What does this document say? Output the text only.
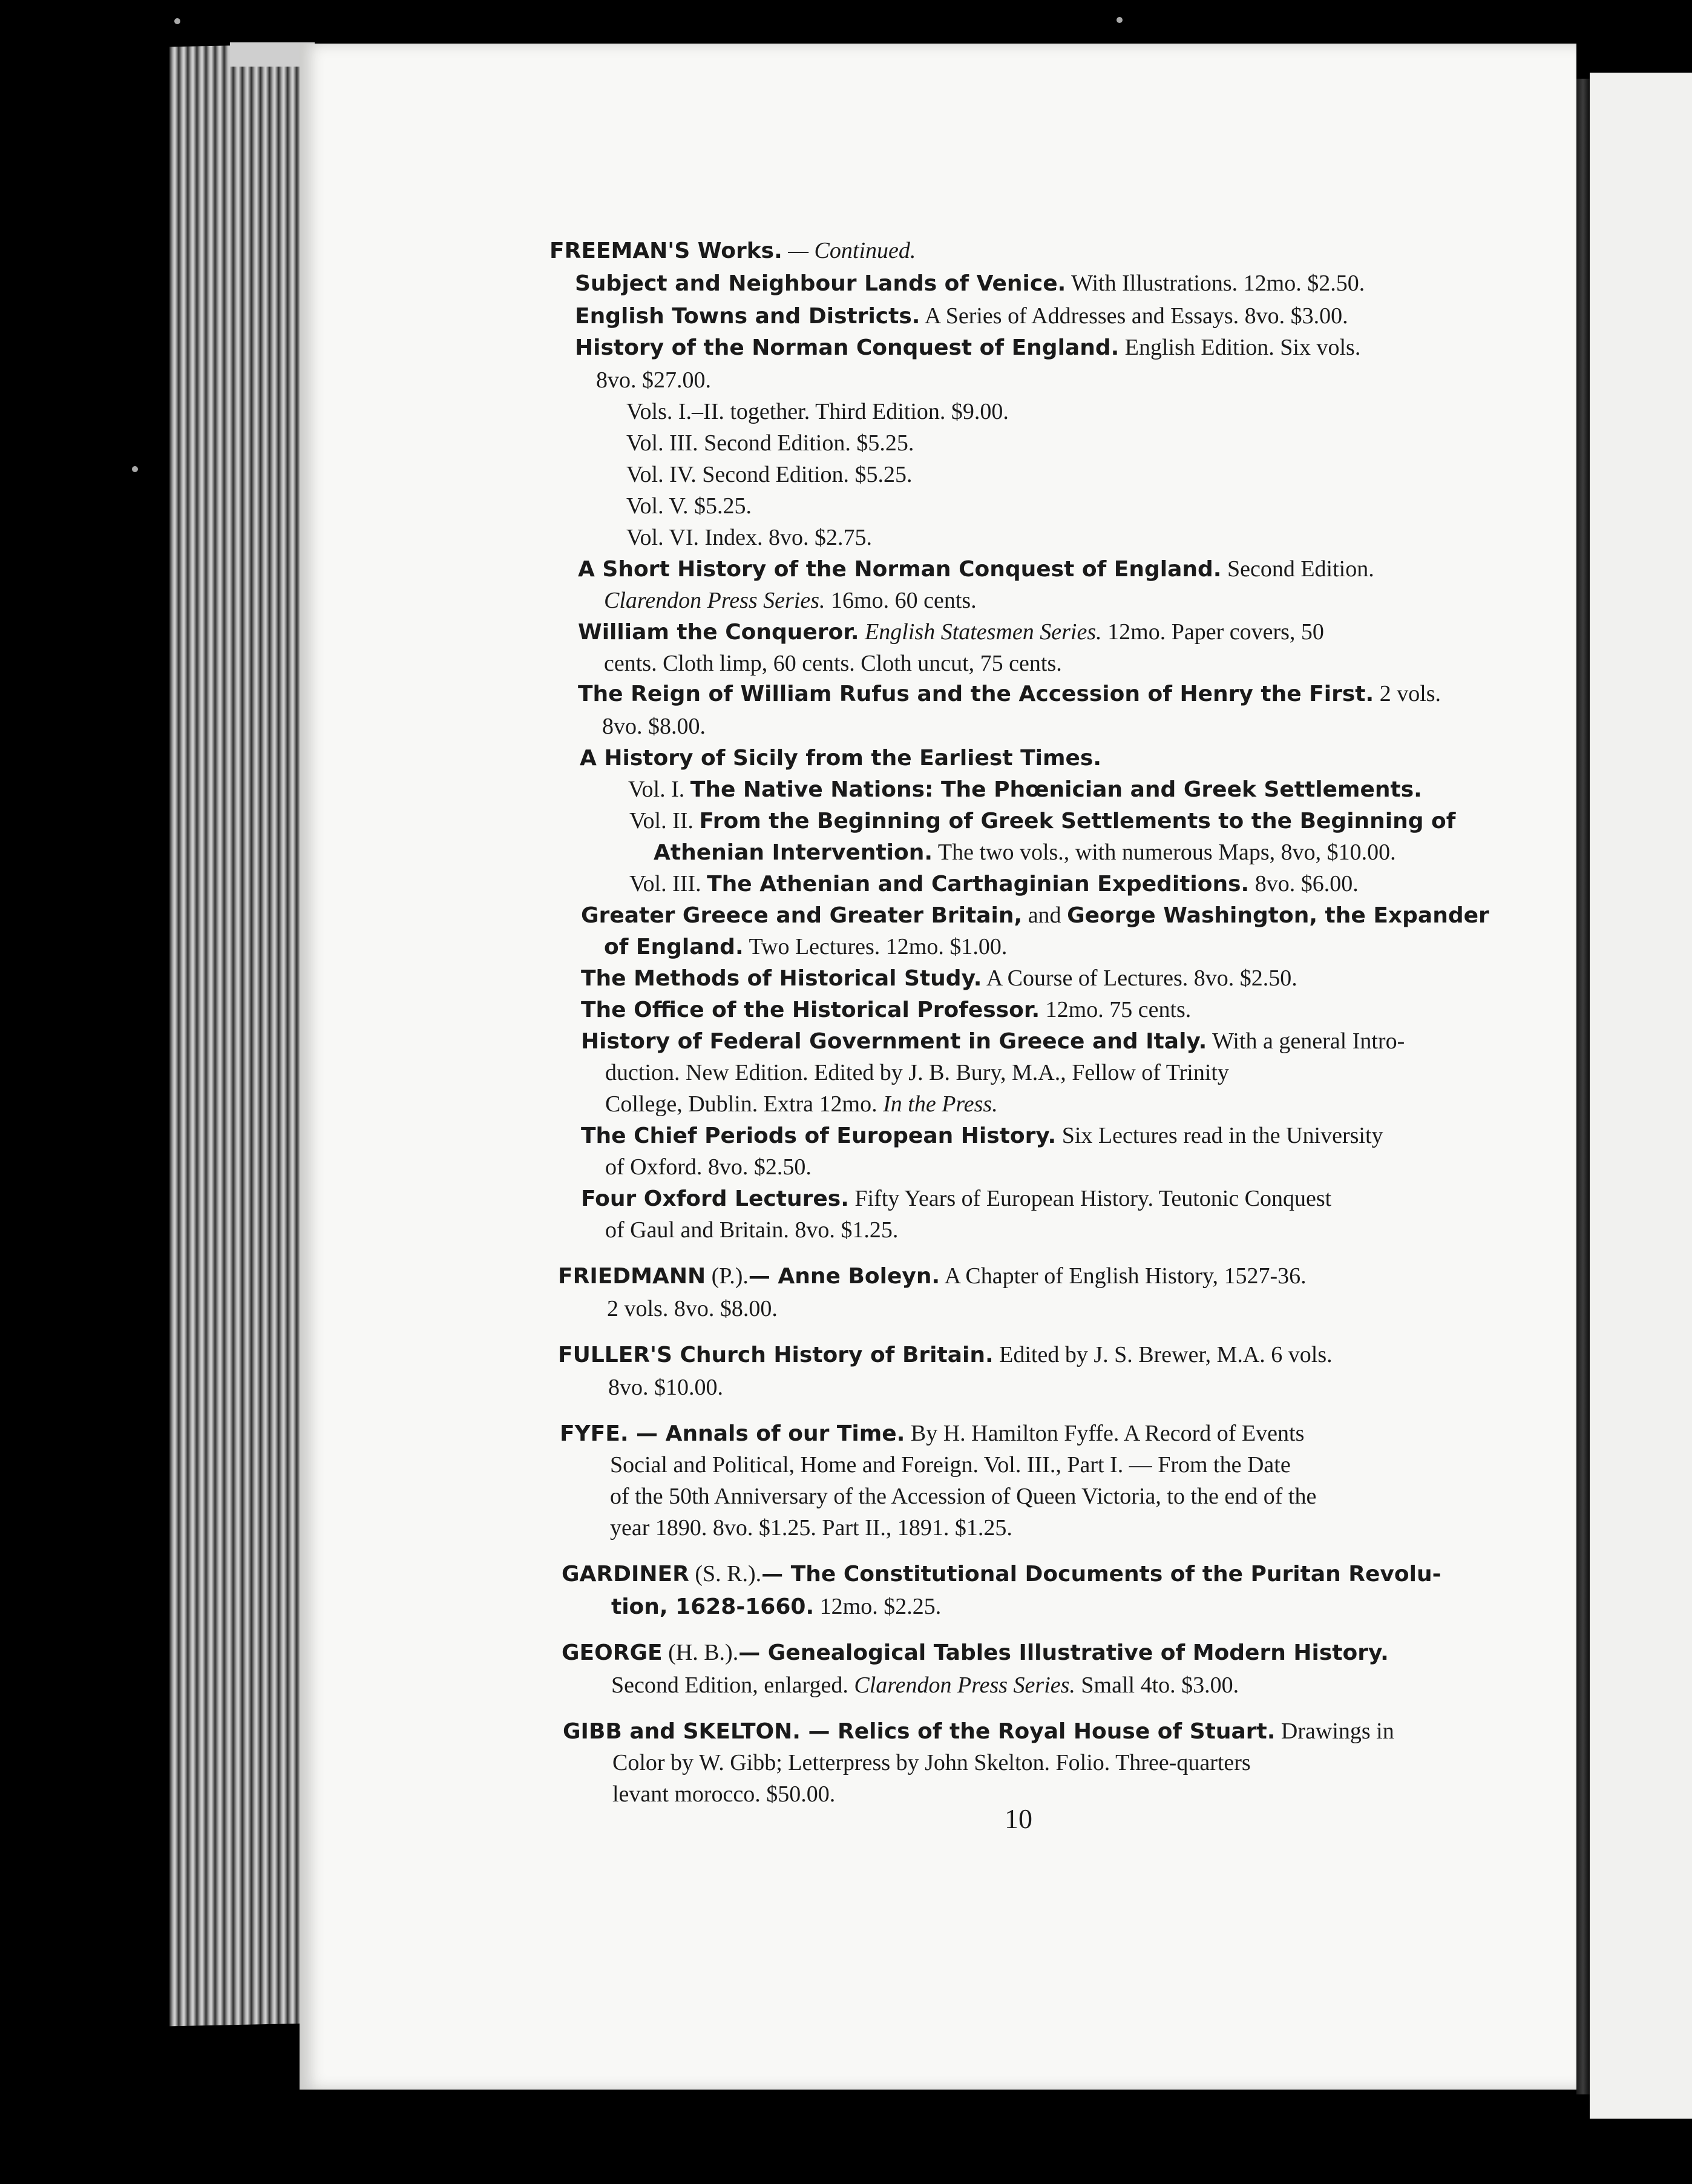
FREEMAN'S Works. — Continued.
Subject and Neighbour Lands of Venice. With Illustrations. 12mo. $2.50.
English Towns and Districts. A Series of Addresses and Essays. 8vo. $3.00.
History of the Norman Conquest of England. English Edition. Six vols.
8vo. $27.00.
Vols. I.–II. together. Third Edition. $9.00.
Vol. III. Second Edition. $5.25.
Vol. IV. Second Edition. $5.25.
Vol. V. $5.25.
Vol. VI. Index. 8vo. $2.75.
A Short History of the Norman Conquest of England. Second Edition.
Clarendon Press Series. 16mo. 60 cents.
William the Conqueror. English Statesmen Series. 12mo. Paper covers, 50
cents. Cloth limp, 60 cents. Cloth uncut, 75 cents.
The Reign of William Rufus and the Accession of Henry the First. 2 vols.
8vo. $8.00.
A History of Sicily from the Earliest Times.
Vol. I. The Native Nations: The Phœnician and Greek Settlements.
Vol. II. From the Beginning of Greek Settlements to the Beginning of
Athenian Intervention. The two vols., with numerous Maps, 8vo, $10.00.
Vol. III. The Athenian and Carthaginian Expeditions. 8vo. $6.00.
Greater Greece and Greater Britain, and George Washington, the Expander
of England. Two Lectures. 12mo. $1.00.
The Methods of Historical Study. A Course of Lectures. 8vo. $2.50.
The Office of the Historical Professor. 12mo. 75 cents.
History of Federal Government in Greece and Italy. With a general Intro-
duction. New Edition. Edited by J. B. Bury, M.A., Fellow of Trinity
College, Dublin. Extra 12mo. In the Press.
The Chief Periods of European History. Six Lectures read in the University
of Oxford. 8vo. $2.50.
Four Oxford Lectures. Fifty Years of European History. Teutonic Conquest
of Gaul and Britain. 8vo. $1.25.
FRIEDMANN (P.).— Anne Boleyn. A Chapter of English History, 1527-36.
2 vols. 8vo. $8.00.
FULLER'S Church History of Britain. Edited by J. S. Brewer, M.A. 6 vols.
8vo. $10.00.
FYFE. — Annals of our Time. By H. Hamilton Fyffe. A Record of Events
Social and Political, Home and Foreign. Vol. III., Part I. — From the Date
of the 50th Anniversary of the Accession of Queen Victoria, to the end of the
year 1890. 8vo. $1.25. Part II., 1891. $1.25.
GARDINER (S. R.).— The Constitutional Documents of the Puritan Revolu-
tion, 1628-1660. 12mo. $2.25.
GEORGE (H. B.).— Genealogical Tables Illustrative of Modern History.
Second Edition, enlarged. Clarendon Press Series. Small 4to. $3.00.
GIBB and SKELTON. — Relics of the Royal House of Stuart. Drawings in
Color by W. Gibb; Letterpress by John Skelton. Folio. Three-quarters
levant morocco. $50.00.
10
